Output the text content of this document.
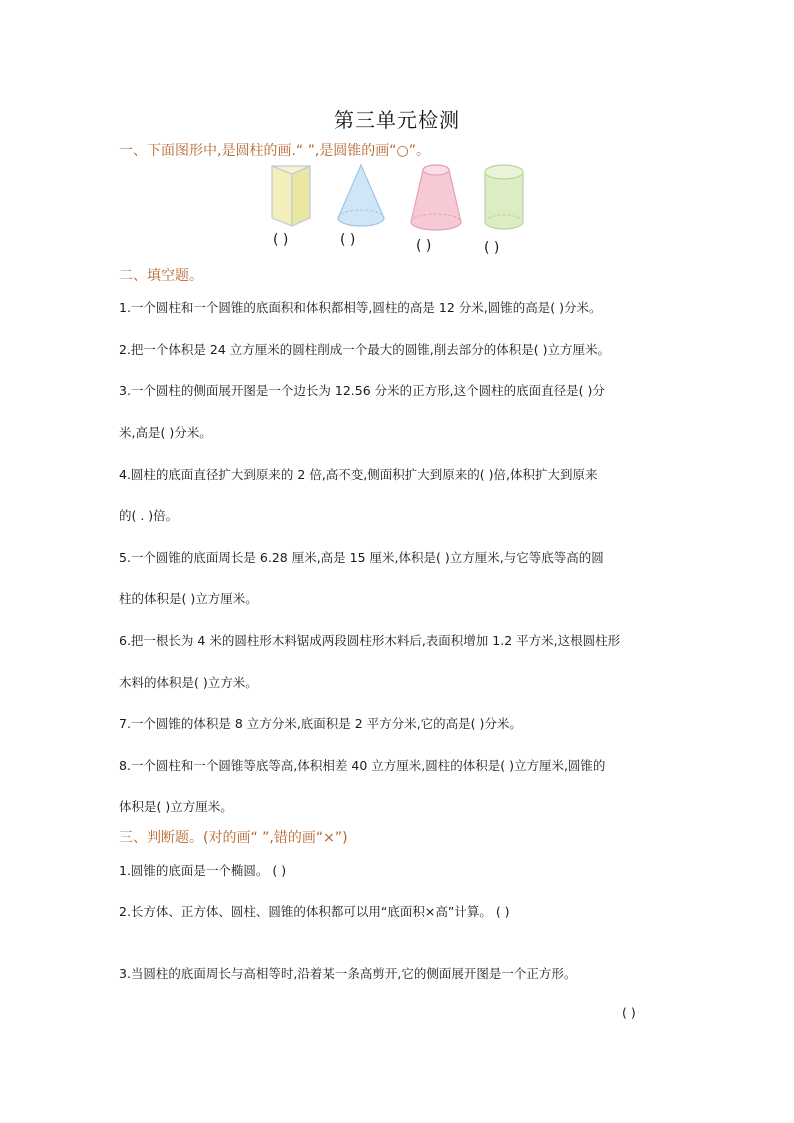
第三单元检测
一、下面图形中,是圆柱的画.“ ”,是圆锥的画“○”。
( )	( )	( )	( )
二、填空题。
1.一个圆柱和一个圆锥的底面积和体积都相等,圆柱的高是 12 分米,圆锥的高是( )分米。
2.把一个体积是 24 立方厘米的圆柱削成一个最大的圆锥,削去部分的体积是( )立方厘米。
3.一个圆柱的侧面展开图是一个边长为 12.56 分米的正方形,这个圆柱的底面直径是( )分
米,高是( )分米。
4.圆柱的底面直径扩大到原来的 2 倍,高不变,侧面积扩大到原来的( )倍,体积扩大到原来
的( . )倍。
5.一个圆锥的底面周长是 6.28 厘米,高是 15 厘米,体积是( )立方厘米,与它等底等高的圆
柱的体积是( )立方厘米。
6.把一根长为 4 米的圆柱形木料锯成两段圆柱形木料后,表面积增加 1.2 平方米,这根圆柱形
木料的体积是( )立方米。
7.一个圆锥的体积是 8 立方分米,底面积是 2 平方分米,它的高是( )分米。
8.一个圆柱和一个圆锥等底等高,体积相差 40 立方厘米,圆柱的体积是( )立方厘米,圆锥的
体积是( )立方厘米。
三、判断题。(对的画“ ”,错的画“×”)
1.圆锥的底面是一个椭圆。 ( )
2.长方体、正方体、圆柱、圆锥的体积都可以用“底面积×高”计算。 ( )
3.当圆柱的底面周长与高相等时,沿着某一条高剪开,它的侧面展开图是一个正方形。
( )
